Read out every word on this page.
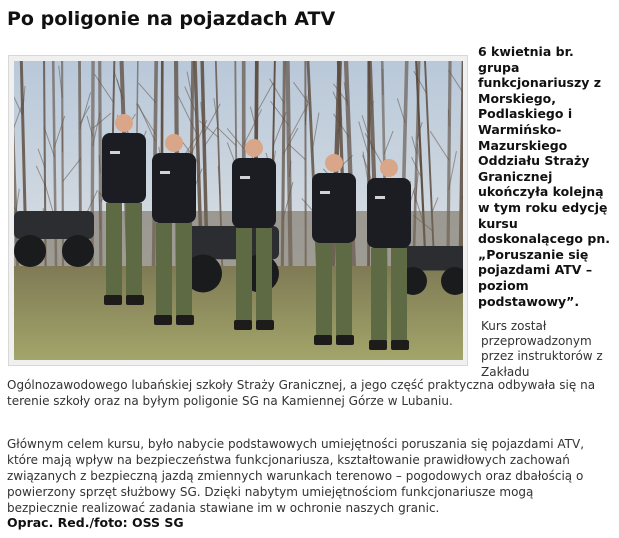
Po poligonie na pojazdach ATV

6 kwietnia br. grupa funkcjonariuszy z Morskiego, Podlaskiego i Warmińsko-Mazurskiego Oddziału Straży Granicznej ukończyła kolejną w tym roku edycję kursu doskonalącego pn. „Poruszanie się pojazdami ATV – poziom podstawowy”.

Kurs został przeprowadzonym przez instruktorów z Zakładu

Ogólnozawodowego lubańskiej szkoły Straży Granicznej, a jego część praktyczna odbywała się na terenie szkoły oraz na byłym poligonie SG na Kamiennej Górze w Lubaniu.

Głównym celem kursu, było nabycie podstawowych umiejętności poruszania się pojazdami ATV, które mają wpływ na bezpieczeństwa funkcjonariusza, kształtowanie prawidłowych zachowań związanych z bezpieczną jazdą zmiennych warunkach terenowo – pogodowych oraz dbałością o powierzony sprzęt służbowy SG. Dzięki nabytym umiejętnościom funkcjonariusze mogą bezpiecznie realizować zadania stawiane im w ochronie naszych granic.

Oprac. Red./foto: OSS SG
